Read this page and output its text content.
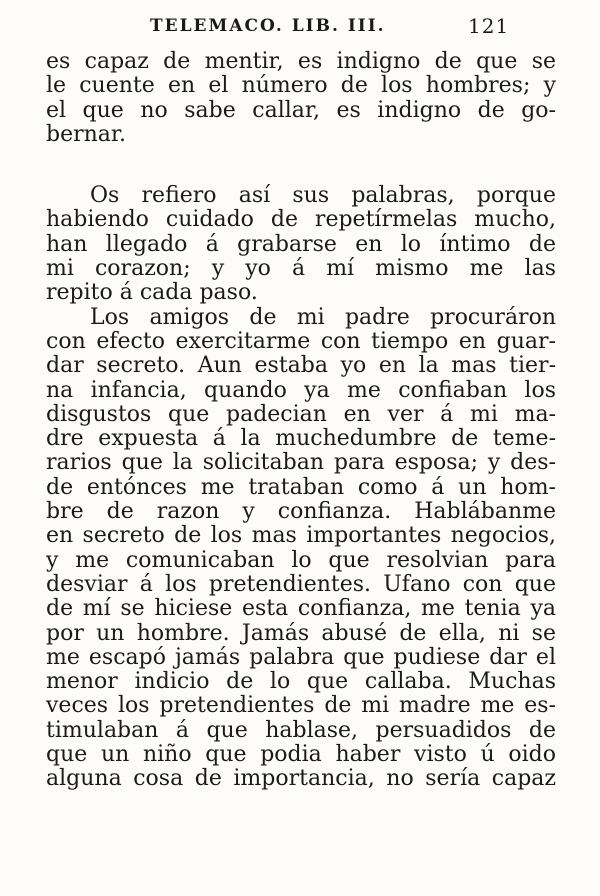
TELEMACO. LIB. III.	121
es capaz de mentir, es indigno de que se
le cuente en el número de los hombres; y
el que no sabe callar, es indigno de go-
bernar.
Os refiero así sus palabras, porque
habiendo cuidado de repetírmelas mucho,
han llegado á grabarse en lo íntimo de
mi corazon; y yo á mí mismo me las
repito á cada paso.
Los amigos de mi padre procuráron
con efecto exercitarme con tiempo en guar-
dar secreto. Aun estaba yo en la mas tier-
na infancia, quando ya me confiaban los
disgustos que padecian en ver á mi ma-
dre expuesta á la muchedumbre de teme-
rarios que la solicitaban para esposa; y des-
de entónces me trataban como á un hom-
bre de razon y confianza. Hablábanme
en secreto de los mas importantes negocios,
y me comunicaban lo que resolvian para
desviar á los pretendientes. Ufano con que
de mí se hiciese esta confianza, me tenia ya
por un hombre. Jamás abusé de ella, ni se
me escapó jamás palabra que pudiese dar el
menor indicio de lo que callaba. Muchas
veces los pretendientes de mi madre me es-
timulaban á que hablase, persuadidos de
que un niño que podia haber visto ú oido
alguna cosa de importancia, no sería capaz
